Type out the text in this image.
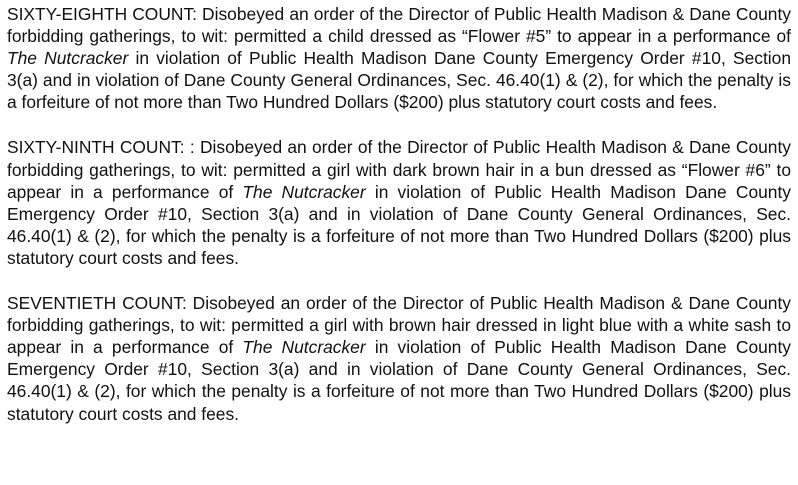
SIXTY-EIGHTH COUNT: Disobeyed an order of the Director of Public Health Madison & Dane County forbidding gatherings, to wit: permitted a child dressed as “Flower #5” to appear in a performance of The Nutcracker in violation of Public Health Madison Dane County Emergency Order #10, Section 3(a) and in violation of Dane County General Ordinances, Sec. 46.40(1) & (2), for which the penalty is a forfeiture of not more than Two Hundred Dollars ($200) plus statutory court costs and fees.

SIXTY-NINTH COUNT: : Disobeyed an order of the Director of Public Health Madison & Dane County forbidding gatherings, to wit: permitted a girl with dark brown hair in a bun dressed as “Flower #6” to appear in a performance of The Nutcracker in violation of Public Health Madison Dane County Emergency Order #10, Section 3(a) and in violation of Dane County General Ordinances, Sec. 46.40(1) & (2), for which the penalty is a forfeiture of not more than Two Hundred Dollars ($200) plus statutory court costs and fees.

SEVENTIETH COUNT: Disobeyed an order of the Director of Public Health Madison & Dane County forbidding gatherings, to wit: permitted a girl with brown hair dressed in light blue with a white sash to appear in a performance of The Nutcracker in violation of Public Health Madison Dane County Emergency Order #10, Section 3(a) and in violation of Dane County General Ordinances, Sec. 46.40(1) & (2), for which the penalty is a forfeiture of not more than Two Hundred Dollars ($200) plus statutory court costs and fees.
